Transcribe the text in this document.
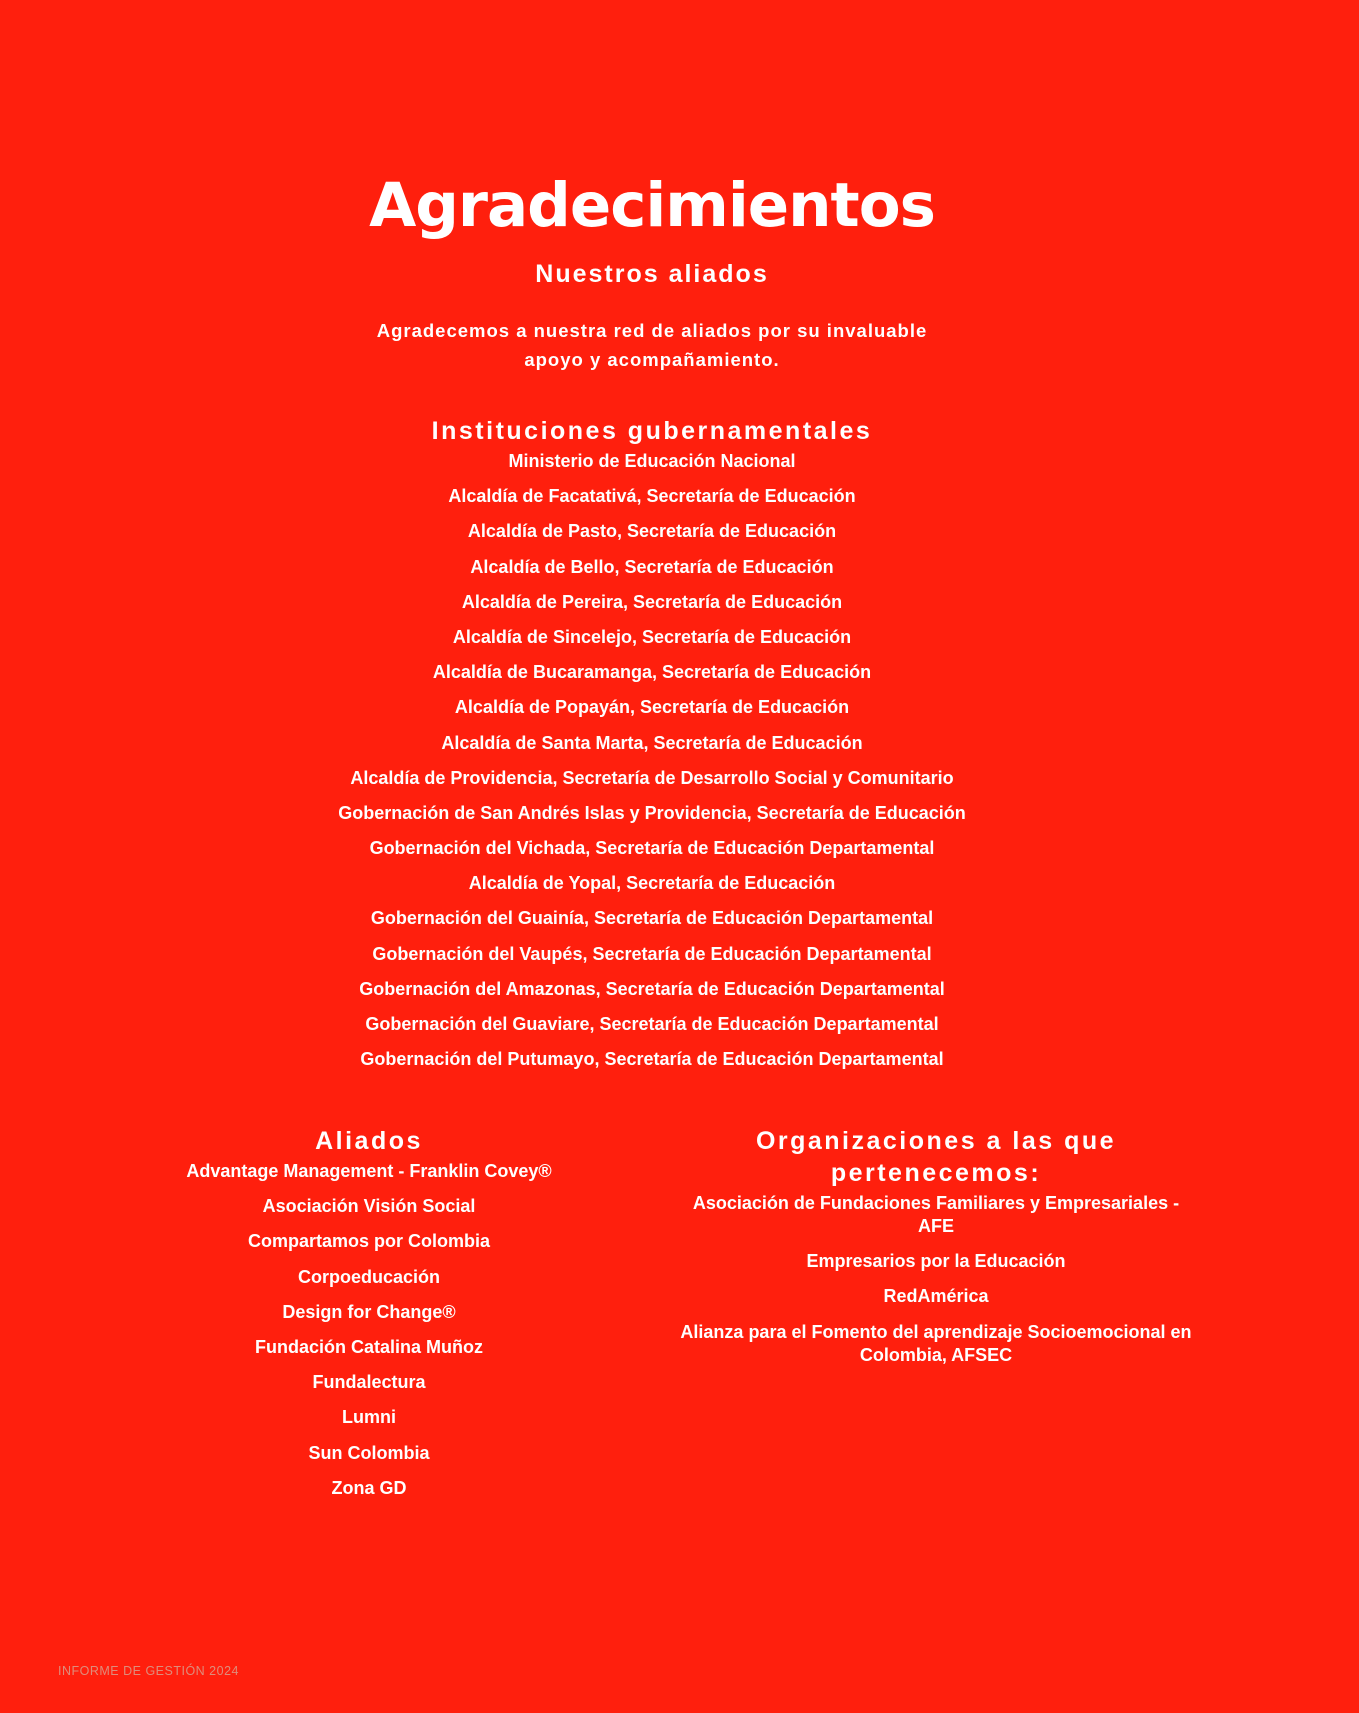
Agradecimientos
Nuestros aliados

Agradecemos a nuestra red de aliados por su invaluable apoyo y acompañamiento.

Instituciones gubernamentales
Ministerio de Educación Nacional
Alcaldía de Facatativá, Secretaría de Educación
Alcaldía de Pasto, Secretaría de Educación
Alcaldía de Bello, Secretaría de Educación
Alcaldía de Pereira, Secretaría de Educación
Alcaldía de Sincelejo, Secretaría de Educación
Alcaldía de Bucaramanga, Secretaría de Educación
Alcaldía de Popayán, Secretaría de Educación
Alcaldía de Santa Marta, Secretaría de Educación
Alcaldía de Providencia, Secretaría de Desarrollo Social y Comunitario
Gobernación de San Andrés Islas y Providencia, Secretaría de Educación
Gobernación del Vichada, Secretaría de Educación Departamental
Alcaldía de Yopal, Secretaría de Educación
Gobernación del Guainía, Secretaría de Educación Departamental
Gobernación del Vaupés, Secretaría de Educación Departamental
Gobernación del Amazonas, Secretaría de Educación Departamental
Gobernación del Guaviare, Secretaría de Educación Departamental
Gobernación del Putumayo, Secretaría de Educación Departamental
Aliados
Advantage Management - Franklin Covey®
Asociación Visión Social
Compartamos por Colombia
Corpoeducación
Design for Change®
Fundación Catalina Muñoz
Fundalectura
Lumni
Sun Colombia
Zona GD
Organizaciones a las que pertenecemos:
Asociación de Fundaciones Familiares y Empresariales - AFE
Empresarios por la Educación
RedAmérica
Alianza para el Fomento del aprendizaje Socioemocional en Colombia, AFSEC
INFORME DE GESTIÓN 2024
